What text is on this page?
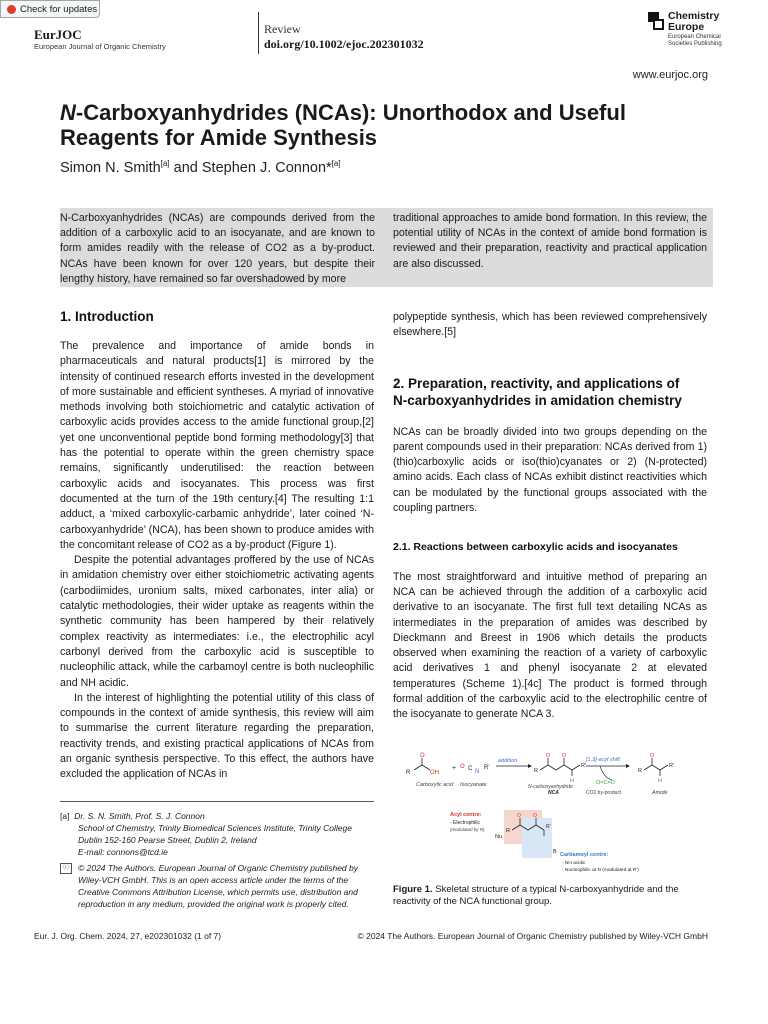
Check for updates
EurJOC
European Journal of Organic Chemistry
Review
doi.org/10.1002/ejoc.202301032
Chemistry
Europe
European Chemical
Societies Publishing
www.eurjoc.org
N-Carboxyanhydrides (NCAs): Unorthodox and Useful
Reagents for Amide Synthesis
Simon N. Smith[a] and Stephen J. Connon*[a]
N-Carboxyanhydrides (NCAs) are compounds derived from the addition of a carboxylic acid to an isocyanate, and are known to form amides readily with the release of CO2 as a by-product. NCAs have been known for over 120 years, but despite their lengthy history, have remained so far overshadowed by more
traditional approaches to amide bond formation. In this review, the potential utility of NCAs in the context of amide bond formation is reviewed and their preparation, reactivity and practical application are also discussed.
1. Introduction

The prevalence and importance of amide bonds in pharmaceuticals and natural products[1] is mirrored by the intensity of continued research efforts invested in the development of more sustainable and efficient syntheses. A myriad of innovative methods involving both stoichiometric and catalytic activation of carboxylic acids provides access to the amide functional group,[2] yet one unconventional peptide bond forming methodology[3] that has the potential to operate within the green chemistry space remains, significantly underutilised: the reaction between carboxylic acids and isocyanates. This process was first documented at the turn of the 19th century.[4] The resulting 1:1 adduct, a ‘mixed carboxylic-carbamic anhydride’, later coined ‘N-carboxyanhydride’ (NCA), has been shown to produce amides with the concomitant release of CO2 as a by-product (Figure 1).

Despite the potential advantages proffered by the use of NCAs in amidation chemistry over either stoichiometric activating agents (carbodiimides, uronium salts, mixed carbonates, inter alia) or catalytic methodologies, their wider uptake as reagents within the synthetic community has been hampered by their relatively complex reactivity as intermediates: i.e., the electrophilic acyl carbonyl derived from the carboxylic acid is susceptible to nucleophilic attack, while the carbamoyl centre is both nucleophilic and NH acidic.

In the interest of highlighting the potential utility of this class of compounds in the context of amide synthesis, this review will aim to summarise the current literature regarding the preparation, reactivity trends, and existing practical applications of NCAs from an organic synthesis perspective. To this effect, the authors have excluded the application of NCAs in

polypeptide synthesis, which has been reviewed comprehensively elsewhere.[5]

2. Preparation, reactivity, and applications of
N-carboxyanhydrides in amidation chemistry

NCAs can be broadly divided into two groups depending on the parent compounds used in their preparation: NCAs derived from 1) (thio)carboxylic acids or iso(thio)cyanates or 2) (N-protected) amino acids. Each class of NCAs exhibit distinct reactivities which can be modulated by the functional groups associated with the coupling partners.

2.1. Reactions between carboxylic acids and isocyanates

The most straightforward and intuitive method of preparing an NCA can be achieved through the addition of a carboxylic acid derivative to an isocyanate. The first full text detailing NCAs as intermediates in the preparation of amides was described by Dieckmann and Breest in 1906 which details the products observed when examining the reaction of a variety of carboxylic acid derivatives 1 and phenyl isocyanate 2 at elevated temperatures (Scheme 1).[4c] The product is formed through formal addition of the carboxylic acid to the electrophilic centre of the isocyanate to generate NCA 3.

O
R	OH
Carboxylic acid
+ O C N
R'
Isocyanate
addition
O O
R'
H
R
N-carboxyanhydride
NCA
[1,3]-acyl shift
O=C=O
CO2 by-product
O
R
R'
H
Amide
R
O O
R'
Nu
B
Acyl centre:
- Electrophilic
(modulated by R)
Carbamoyl centre:
- NH acidic
- Nucleophilic at N (modulated at R')
Figure 1. Skeletal structure of a typical N-carboxyanhydride and the reactivity of the NCA functional group.
[a] Dr. S. N. Smith, Prof. S. J. Connon
School of Chemistry, Trinity Biomedical Sciences Institute, Trinity College
Dublin 152-160 Pearse Street, Dublin 2, Ireland
E-mail: connons@tcd.ie
ⓒ	© 2024 The Authors. European Journal of Organic Chemistry published by Wiley-VCH GmbH. This is an open access article under the terms of the Creative Commons Attribution License, which permits use, distribution and reproduction in any medium, provided the original work is properly cited.
Eur. J. Org. Chem. 2024, 27, e202301032 (1 of 7)	© 2024 The Authors. European Journal of Organic Chemistry published by Wiley-VCH GmbH
